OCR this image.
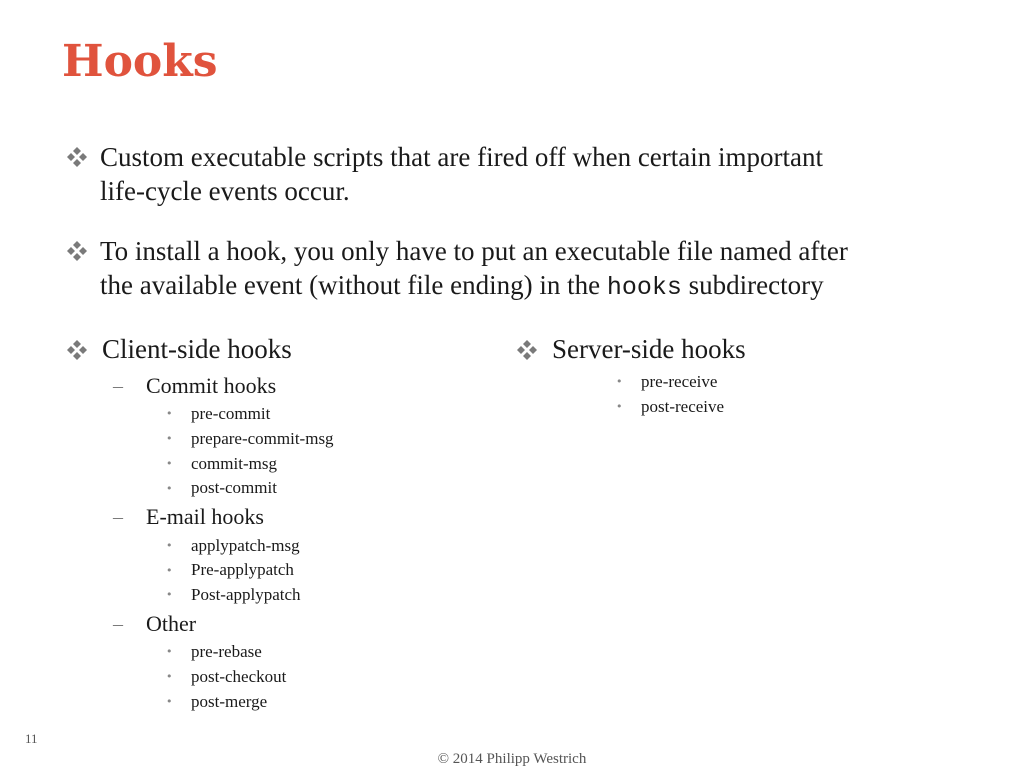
Hooks
Custom executable scripts that are fired off when certain important
life-cycle events occur.
To install a hook, you only have to put an executable file named after
the available event (without file ending) in the hooks subdirectory
Client-side hooks
– Commit hooks
• pre-commit
• prepare-commit-msg
• commit-msg
• post-commit
– E-mail hooks
• applypatch-msg
• Pre-applypatch
• Post-applypatch
– Other
• pre-rebase
• post-checkout
• post-merge
Server-side hooks
• pre-receive
• post-receive
11
© 2014 Philipp Westrich
